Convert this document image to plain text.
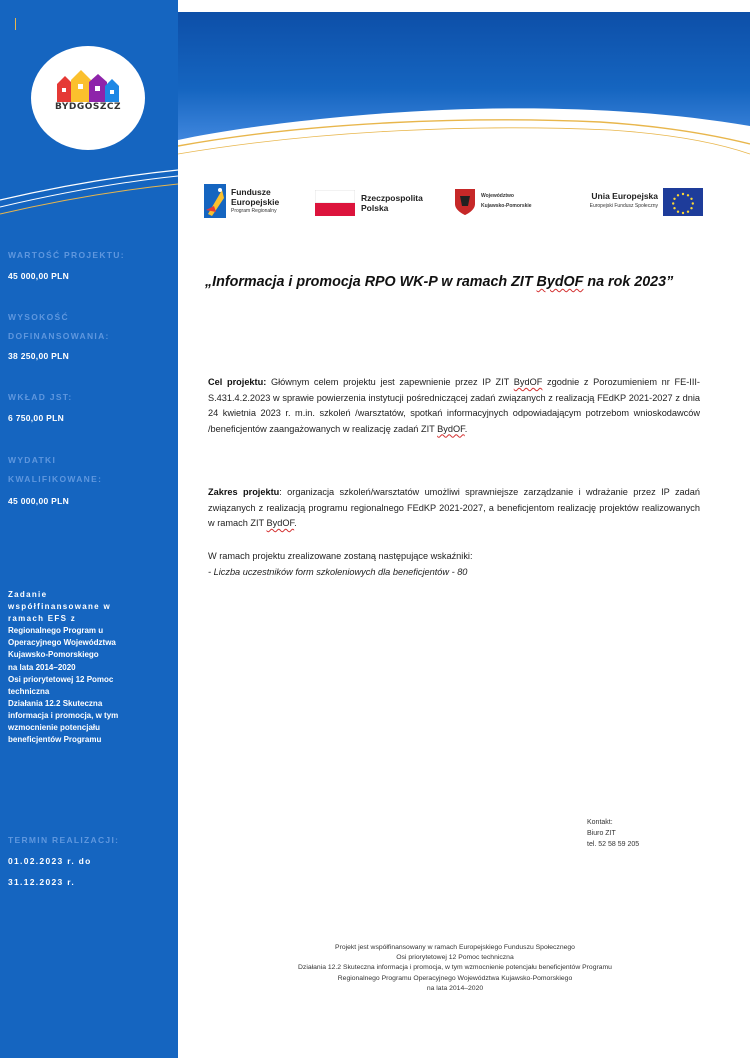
BYDGOSZCZ
WARTOŚĆ PROJEKTU:
45 000,00 PLN
WYSOKOŚĆ
DOFINANSOWANIA:
38 250,00 PLN
WKŁAD JST:
6 750,00 PLN
WYDATKI
KWALIFIKOWANE:
45 000,00 PLN
Zadanie
współfinansowane w
ramach EFS z
Regionalnego Program u
Operacyjnego Województwa
Kujawsko-Pomorskiego
na lata 2014–2020
Osi priorytetowej 12 Pomoc
techniczna
Działania 12.2 Skuteczna
informacja i promocja, w tym
wzmocnienie potencjału
beneficjentów Programu
TERMIN REALIZACJI:
01.02.2023 r. do
31.12.2023 r.
Fundusze
Europejskie
Program Regionalny
Rzeczpospolita
Polska
Województwo
Kujawsko-Pomorskie
Unia Europejska
Europejski Fundusz Społeczny
„Informacja i promocja RPO WK-P w ramach ZIT BydOF na rok 2023”
Cel projektu: Głównym celem projektu jest zapewnienie przez IP ZIT BydOF zgodnie z Porozumieniem nr FE-III-S.431.4.2.2023 w sprawie powierzenia instytucji pośredniczącej zadań związanych z realizacją FEdKP 2021-2027 z dnia 24 kwietnia 2023 r. m.in. szkoleń /warsztatów, spotkań informacyjnych odpowiadającym potrzebom wnioskodawców /beneficjentów zaangażowanych w realizację zadań ZIT BydOF.
Zakres projektu: organizacja szkoleń/warsztatów umożliwi sprawniejsze zarządzanie i wdrażanie przez IP zadań związanych z realizacją programu regionalnego FEdKP 2021-2027, a beneficjentom realizację projektów realizowanych w ramach ZIT BydOF.
W ramach projektu zrealizowane zostaną następujące wskaźniki:
- Liczba uczestników form szkoleniowych dla beneficjentów - 80
Kontakt:
Biuro ZIT
tel. 52 58 59 205
Projekt jest współfinansowany w ramach Europejskiego Funduszu Społecznego
Osi priorytetowej 12 Pomoc techniczna
Działania 12.2 Skuteczna informacja i promocja, w tym wzmocnienie potencjału beneficjentów Programu
Regionalnego Programu Operacyjnego Województwa Kujawsko-Pomorskiego
na lata 2014–2020
